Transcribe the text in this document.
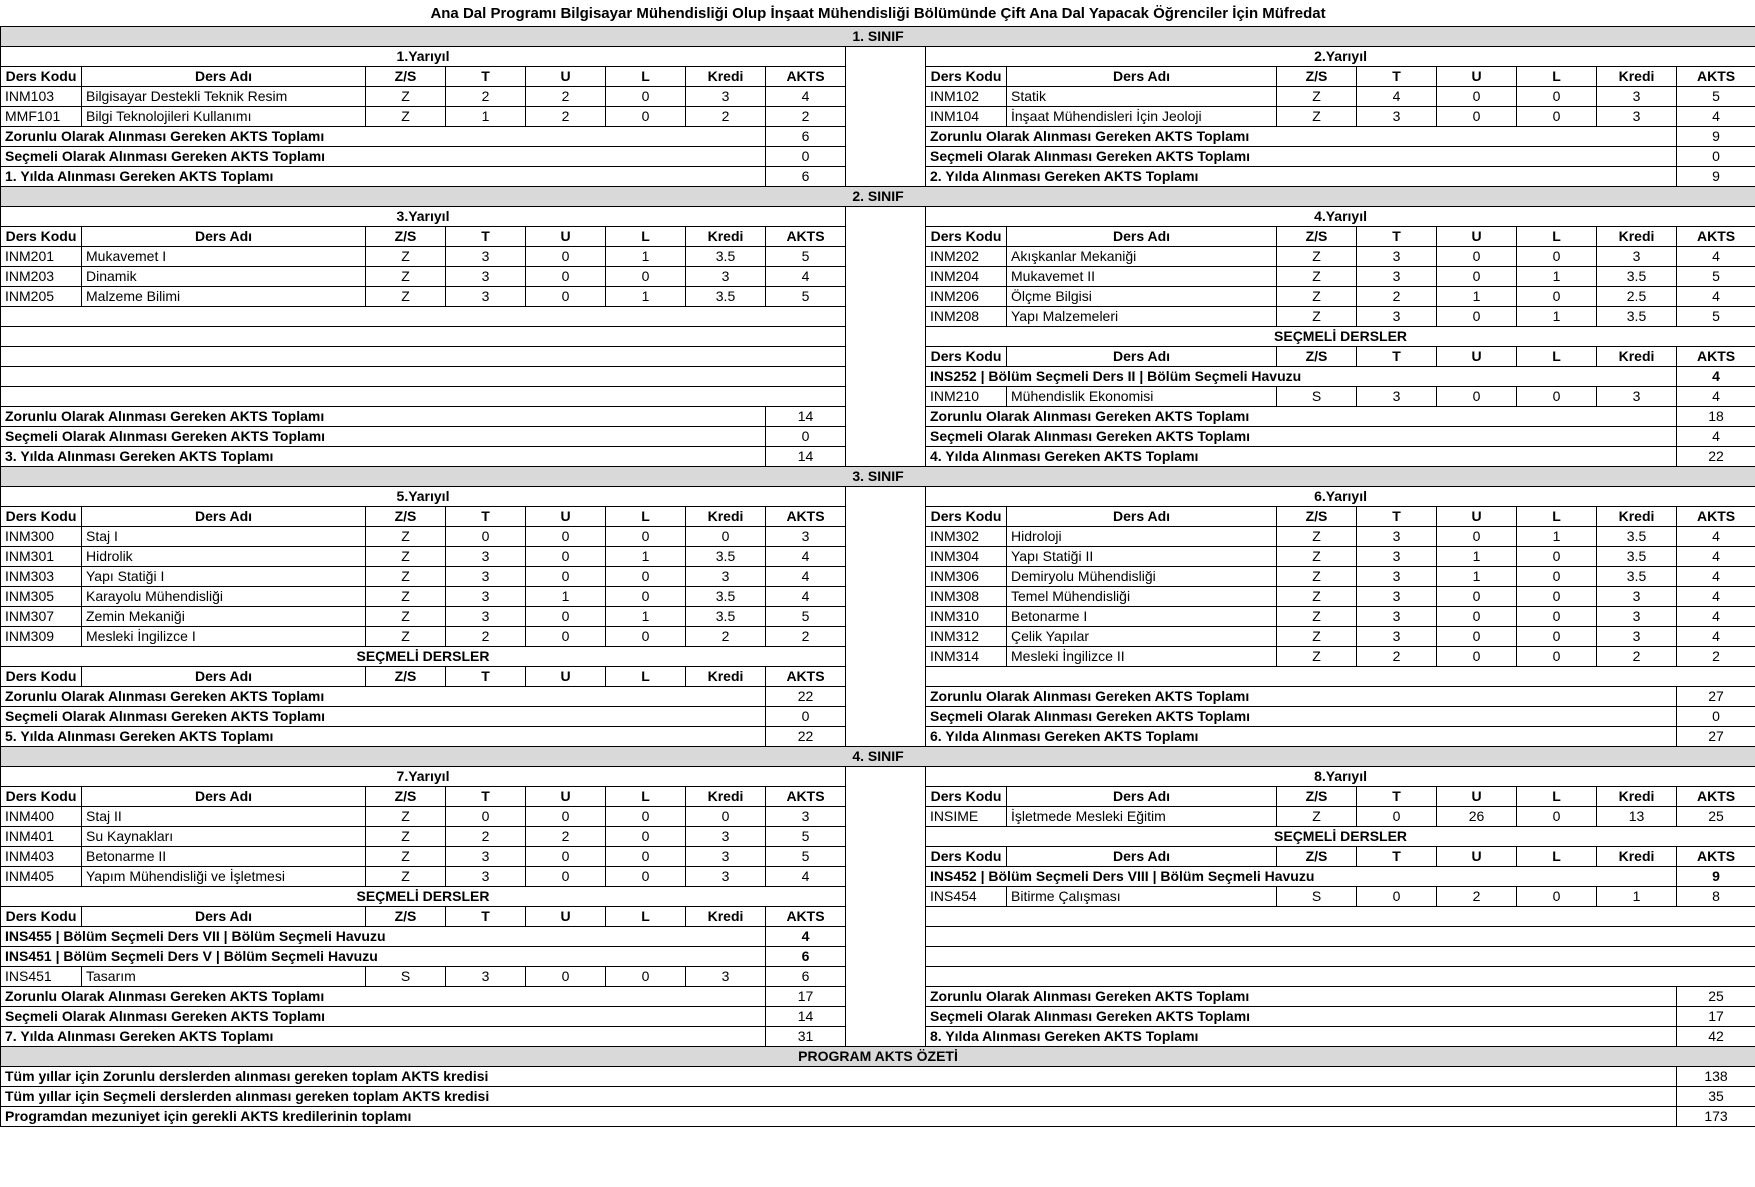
Ana Dal Programı Bilgisayar Mühendisliği Olup İnşaat Mühendisliği Bölümünde Çift Ana Dal Yapacak Öğrenciler İçin Müfredat																
1. SINIF																
1.Yarıyıl									2.Yarıyıl							
Ders Kodu	Ders Adı	Z/S	T	U	L	Kredi	AKTS		Ders Kodu	Ders Adı	Z/S	T	U	L	Kredi	AKTS
INM103	Bilgisayar Destekli Teknik Resim	Z	2	2	0	3	4		INM102	Statik	Z	4	0	0	3	5
MMF101	Bilgi Teknolojileri Kullanımı	Z	1	2	0	2	2		INM104	İnşaat Mühendisleri İçin Jeoloji	Z	3	0	0	3	4
Zorunlu Olarak Alınması Gereken AKTS Toplamı							6		Zorunlu Olarak Alınması Gereken AKTS Toplamı							9
Seçmeli Olarak Alınması Gereken AKTS Toplamı							0		Seçmeli Olarak Alınması Gereken AKTS Toplamı							0
1. Yılda Alınması Gereken AKTS Toplamı							6		2. Yılda Alınması Gereken AKTS Toplamı							9
2. SINIF																
3.Yarıyıl									4.Yarıyıl							
Ders Kodu	Ders Adı	Z/S	T	U	L	Kredi	AKTS		Ders Kodu	Ders Adı	Z/S	T	U	L	Kredi	AKTS
INM201	Mukavemet I	Z	3	0	1	3.5	5		INM202	Akışkanlar Mekaniği	Z	3	0	0	3	4
INM203	Dinamik	Z	3	0	0	3	4		INM204	Mukavemet II	Z	3	0	1	3.5	5
INM205	Malzeme Bilimi	Z	3	0	1	3.5	5		INM206	Ölçme Bilgisi	Z	2	1	0	2.5	4
									INM208	Yapı Malzemeleri	Z	3	0	1	3.5	5
									SEÇMELİ DERSLER							
									Ders Kodu	Ders Adı	Z/S	T	U	L	Kredi	AKTS
									INS252 | Bölüm Seçmeli Ders II | Bölüm Seçmeli Havuzu							4
									INM210	Mühendislik Ekonomisi	S	3	0	0	3	4
Zorunlu Olarak Alınması Gereken AKTS Toplamı							14		Zorunlu Olarak Alınması Gereken AKTS Toplamı							18
Seçmeli Olarak Alınması Gereken AKTS Toplamı							0		Seçmeli Olarak Alınması Gereken AKTS Toplamı							4
3. Yılda Alınması Gereken AKTS Toplamı							14		4. Yılda Alınması Gereken AKTS Toplamı							22
3. SINIF																
5.Yarıyıl									6.Yarıyıl							
Ders Kodu	Ders Adı	Z/S	T	U	L	Kredi	AKTS		Ders Kodu	Ders Adı	Z/S	T	U	L	Kredi	AKTS
INM300	Staj I	Z	0	0	0	0	3		INM302	Hidroloji	Z	3	0	1	3.5	4
INM301	Hidrolik	Z	3	0	1	3.5	4		INM304	Yapı Statiği II	Z	3	1	0	3.5	4
INM303	Yapı Statiği I	Z	3	0	0	3	4		INM306	Demiryolu Mühendisliği	Z	3	1	0	3.5	4
INM305	Karayolu Mühendisliği	Z	3	1	0	3.5	4		INM308	Temel Mühendisliği	Z	3	0	0	3	4
INM307	Zemin Mekaniği	Z	3	0	1	3.5	5		INM310	Betonarme I	Z	3	0	0	3	4
INM309	Mesleki İngilizce I	Z	2	0	0	2	2		INM312	Çelik Yapılar	Z	3	0	0	3	4
SEÇMELİ DERSLER									INM314	Mesleki İngilizce II	Z	2	0	0	2	2
Ders Kodu	Ders Adı	Z/S	T	U	L	Kredi	AKTS									
Zorunlu Olarak Alınması Gereken AKTS Toplamı							22		Zorunlu Olarak Alınması Gereken AKTS Toplamı							27
Seçmeli Olarak Alınması Gereken AKTS Toplamı							0		Seçmeli Olarak Alınması Gereken AKTS Toplamı							0
5. Yılda Alınması Gereken AKTS Toplamı							22		6. Yılda Alınması Gereken AKTS Toplamı							27
4. SINIF																
7.Yarıyıl									8.Yarıyıl							
Ders Kodu	Ders Adı	Z/S	T	U	L	Kredi	AKTS		Ders Kodu	Ders Adı	Z/S	T	U	L	Kredi	AKTS
INM400	Staj II	Z	0	0	0	0	3		INSIME	İşletmede Mesleki Eğitim	Z	0	26	0	13	25
INM401	Su Kaynakları	Z	2	2	0	3	5		SEÇMELİ DERSLER							
INM403	Betonarme II	Z	3	0	0	3	5		Ders Kodu	Ders Adı	Z/S	T	U	L	Kredi	AKTS
INM405	Yapım Mühendisliği ve İşletmesi	Z	3	0	0	3	4		INS452 | Bölüm Seçmeli Ders VIII | Bölüm Seçmeli Havuzu							9
SEÇMELİ DERSLER									INS454	Bitirme Çalışması	S	0	2	0	1	8
Ders Kodu	Ders Adı	Z/S	T	U	L	Kredi	AKTS									
INS455 | Bölüm Seçmeli Ders VII | Bölüm Seçmeli Havuzu							4									
INS451 | Bölüm Seçmeli Ders V | Bölüm Seçmeli Havuzu							6									
INS451	Tasarım	S	3	0	0	3	6									
Zorunlu Olarak Alınması Gereken AKTS Toplamı							17		Zorunlu Olarak Alınması Gereken AKTS Toplamı							25
Seçmeli Olarak Alınması Gereken AKTS Toplamı							14		Seçmeli Olarak Alınması Gereken AKTS Toplamı							17
7. Yılda Alınması Gereken AKTS Toplamı							31		8. Yılda Alınması Gereken AKTS Toplamı							42
PROGRAM AKTS ÖZETİ																
Tüm yıllar için Zorunlu derslerden alınması gereken toplam AKTS kredisi																138
Tüm yıllar için Seçmeli derslerden alınması gereken toplam AKTS kredisi																35
Programdan mezuniyet için gerekli AKTS kredilerinin toplamı																173
